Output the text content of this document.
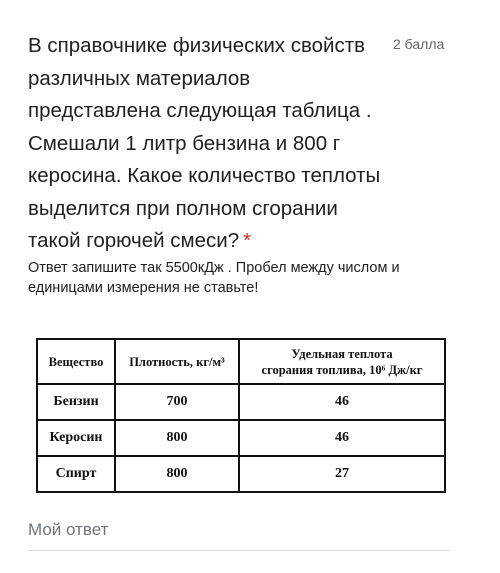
В справочнике физических свойств различных материалов представлена следующая таблица . Смешали 1 литр бензина и 800 г керосина. Какое количество теплоты выделится при полном сгорании такой горючей смеси? *
2 балла
Ответ запишите так 5500кДж . Пробел между числом и единицами измерения не ставьте!
Вещество	Плотность, кг/м³	Удельная теплота
сгорания топлива, 10⁶ Дж/кг

Бензин	700	46
Керосин	800	46
Спирт	800	27
Мой ответ
